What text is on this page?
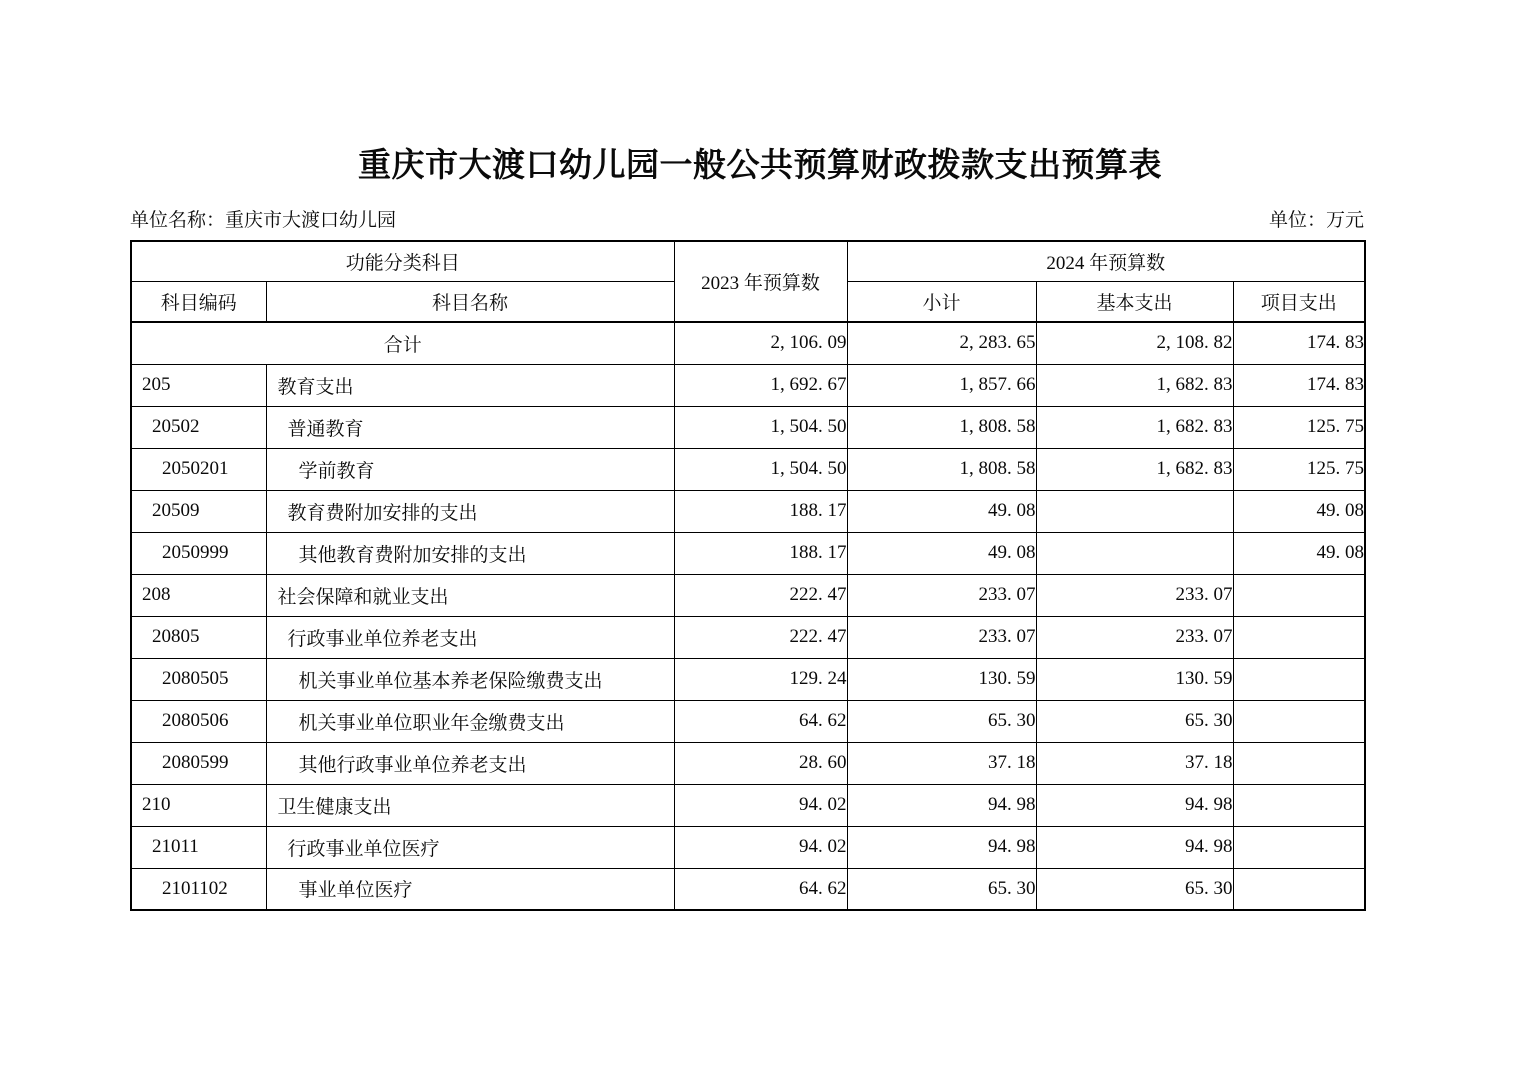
重庆市大渡口幼儿园一般公共预算财政拨款支出预算表
单位名称：重庆市大渡口幼儿园	单位：万元
功能分类科目		2023 年预算数	2024 年预算数		
科目编码	科目名称		小计	基本支出	项目支出
合计		2, 106. 09	2, 283. 65	2, 108. 82	174. 83
205	教育支出	1, 692. 67	1, 857. 66	1, 682. 83	174. 83
20502	普通教育	1, 504. 50	1, 808. 58	1, 682. 83	125. 75
2050201	学前教育	1, 504. 50	1, 808. 58	1, 682. 83	125. 75
20509	教育费附加安排的支出	188. 17	49. 08		49. 08
2050999	其他教育费附加安排的支出	188. 17	49. 08		49. 08
208	社会保障和就业支出	222. 47	233. 07	233. 07	
20805	行政事业单位养老支出	222. 47	233. 07	233. 07	
2080505	机关事业单位基本养老保险缴费支出	129. 24	130. 59	130. 59	
2080506	机关事业单位职业年金缴费支出	64. 62	65. 30	65. 30	
2080599	其他行政事业单位养老支出	28. 60	37. 18	37. 18	
210	卫生健康支出	94. 02	94. 98	94. 98	
21011	行政事业单位医疗	94. 02	94. 98	94. 98	
2101102	事业单位医疗	64. 62	65. 30	65. 30	
